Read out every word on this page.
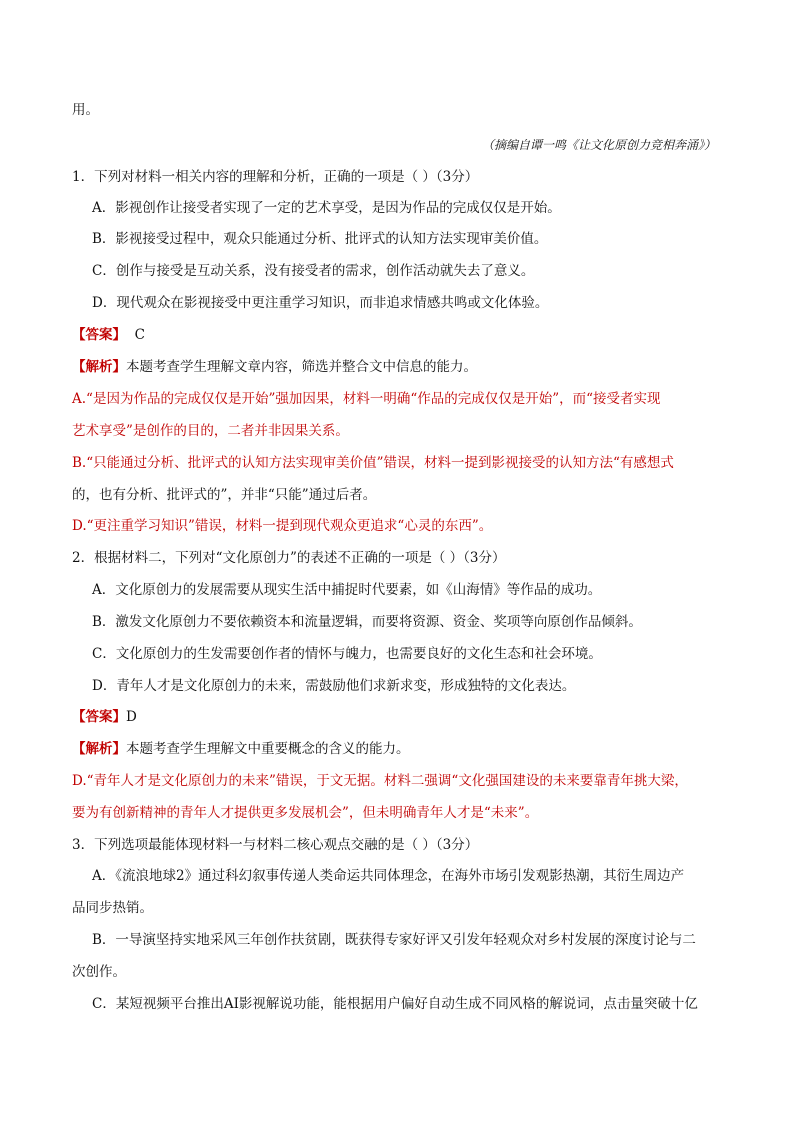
用。
（摘编自谭一鸣《让文化原创力竞相奔涌》）
1．下列对材料一相关内容的理解和分析，正确的一项是（ ）（3分）
A．影视创作让接受者实现了一定的艺术享受，是因为作品的完成仅仅是开始。
B．影视接受过程中，观众只能通过分析、批评式的认知方法实现审美价值。
C．创作与接受是互动关系，没有接受者的需求，创作活动就失去了意义。
D．现代观众在影视接受中更注重学习知识，而非追求情感共鸣或文化体验。
【答案】 C
【解析】本题考查学生理解文章内容，筛选并整合文中信息的能力。
A.“是因为作品的完成仅仅是开始”强加因果，材料一明确“作品的完成仅仅是开始”，而“接受者实现
艺术享受”是创作的目的，二者并非因果关系。
B.“只能通过分析、批评式的认知方法实现审美价值”错误，材料一提到影视接受的认知方法“有感想式
的，也有分析、批评式的”，并非“只能”通过后者。
D.“更注重学习知识”错误，材料一提到现代观众更追求“心灵的东西”。
2．根据材料二，下列对“文化原创力”的表述不正确的一项是（ ）（3分）
A．文化原创力的发展需要从现实生活中捕捉时代要素，如《山海情》等作品的成功。
B．激发文化原创力不要依赖资本和流量逻辑，而要将资源、资金、奖项等向原创作品倾斜。
C．文化原创力的生发需要创作者的情怀与魄力，也需要良好的文化生态和社会环境。
D．青年人才是文化原创力的未来，需鼓励他们求新求变，形成独特的文化表达。
【答案】D
【解析】本题考查学生理解文中重要概念的含义的能力。
D.“青年人才是文化原创力的未来”错误，于文无据。材料二强调“文化强国建设的未来要靠青年挑大梁，
要为有创新精神的青年人才提供更多发展机会”，但未明确青年人才是“未来”。
3．下列选项最能体现材料一与材料二核心观点交融的是（ ）（3分）
A．《流浪地球2》通过科幻叙事传递人类命运共同体理念，在海外市场引发观影热潮，其衍生周边产
品同步热销。
B．一导演坚持实地采风三年创作扶贫剧，既获得专家好评又引发年轻观众对乡村发展的深度讨论与二
次创作。
C．某短视频平台推出AI影视解说功能，能根据用户偏好自动生成不同风格的解说词，点击量突破十亿
